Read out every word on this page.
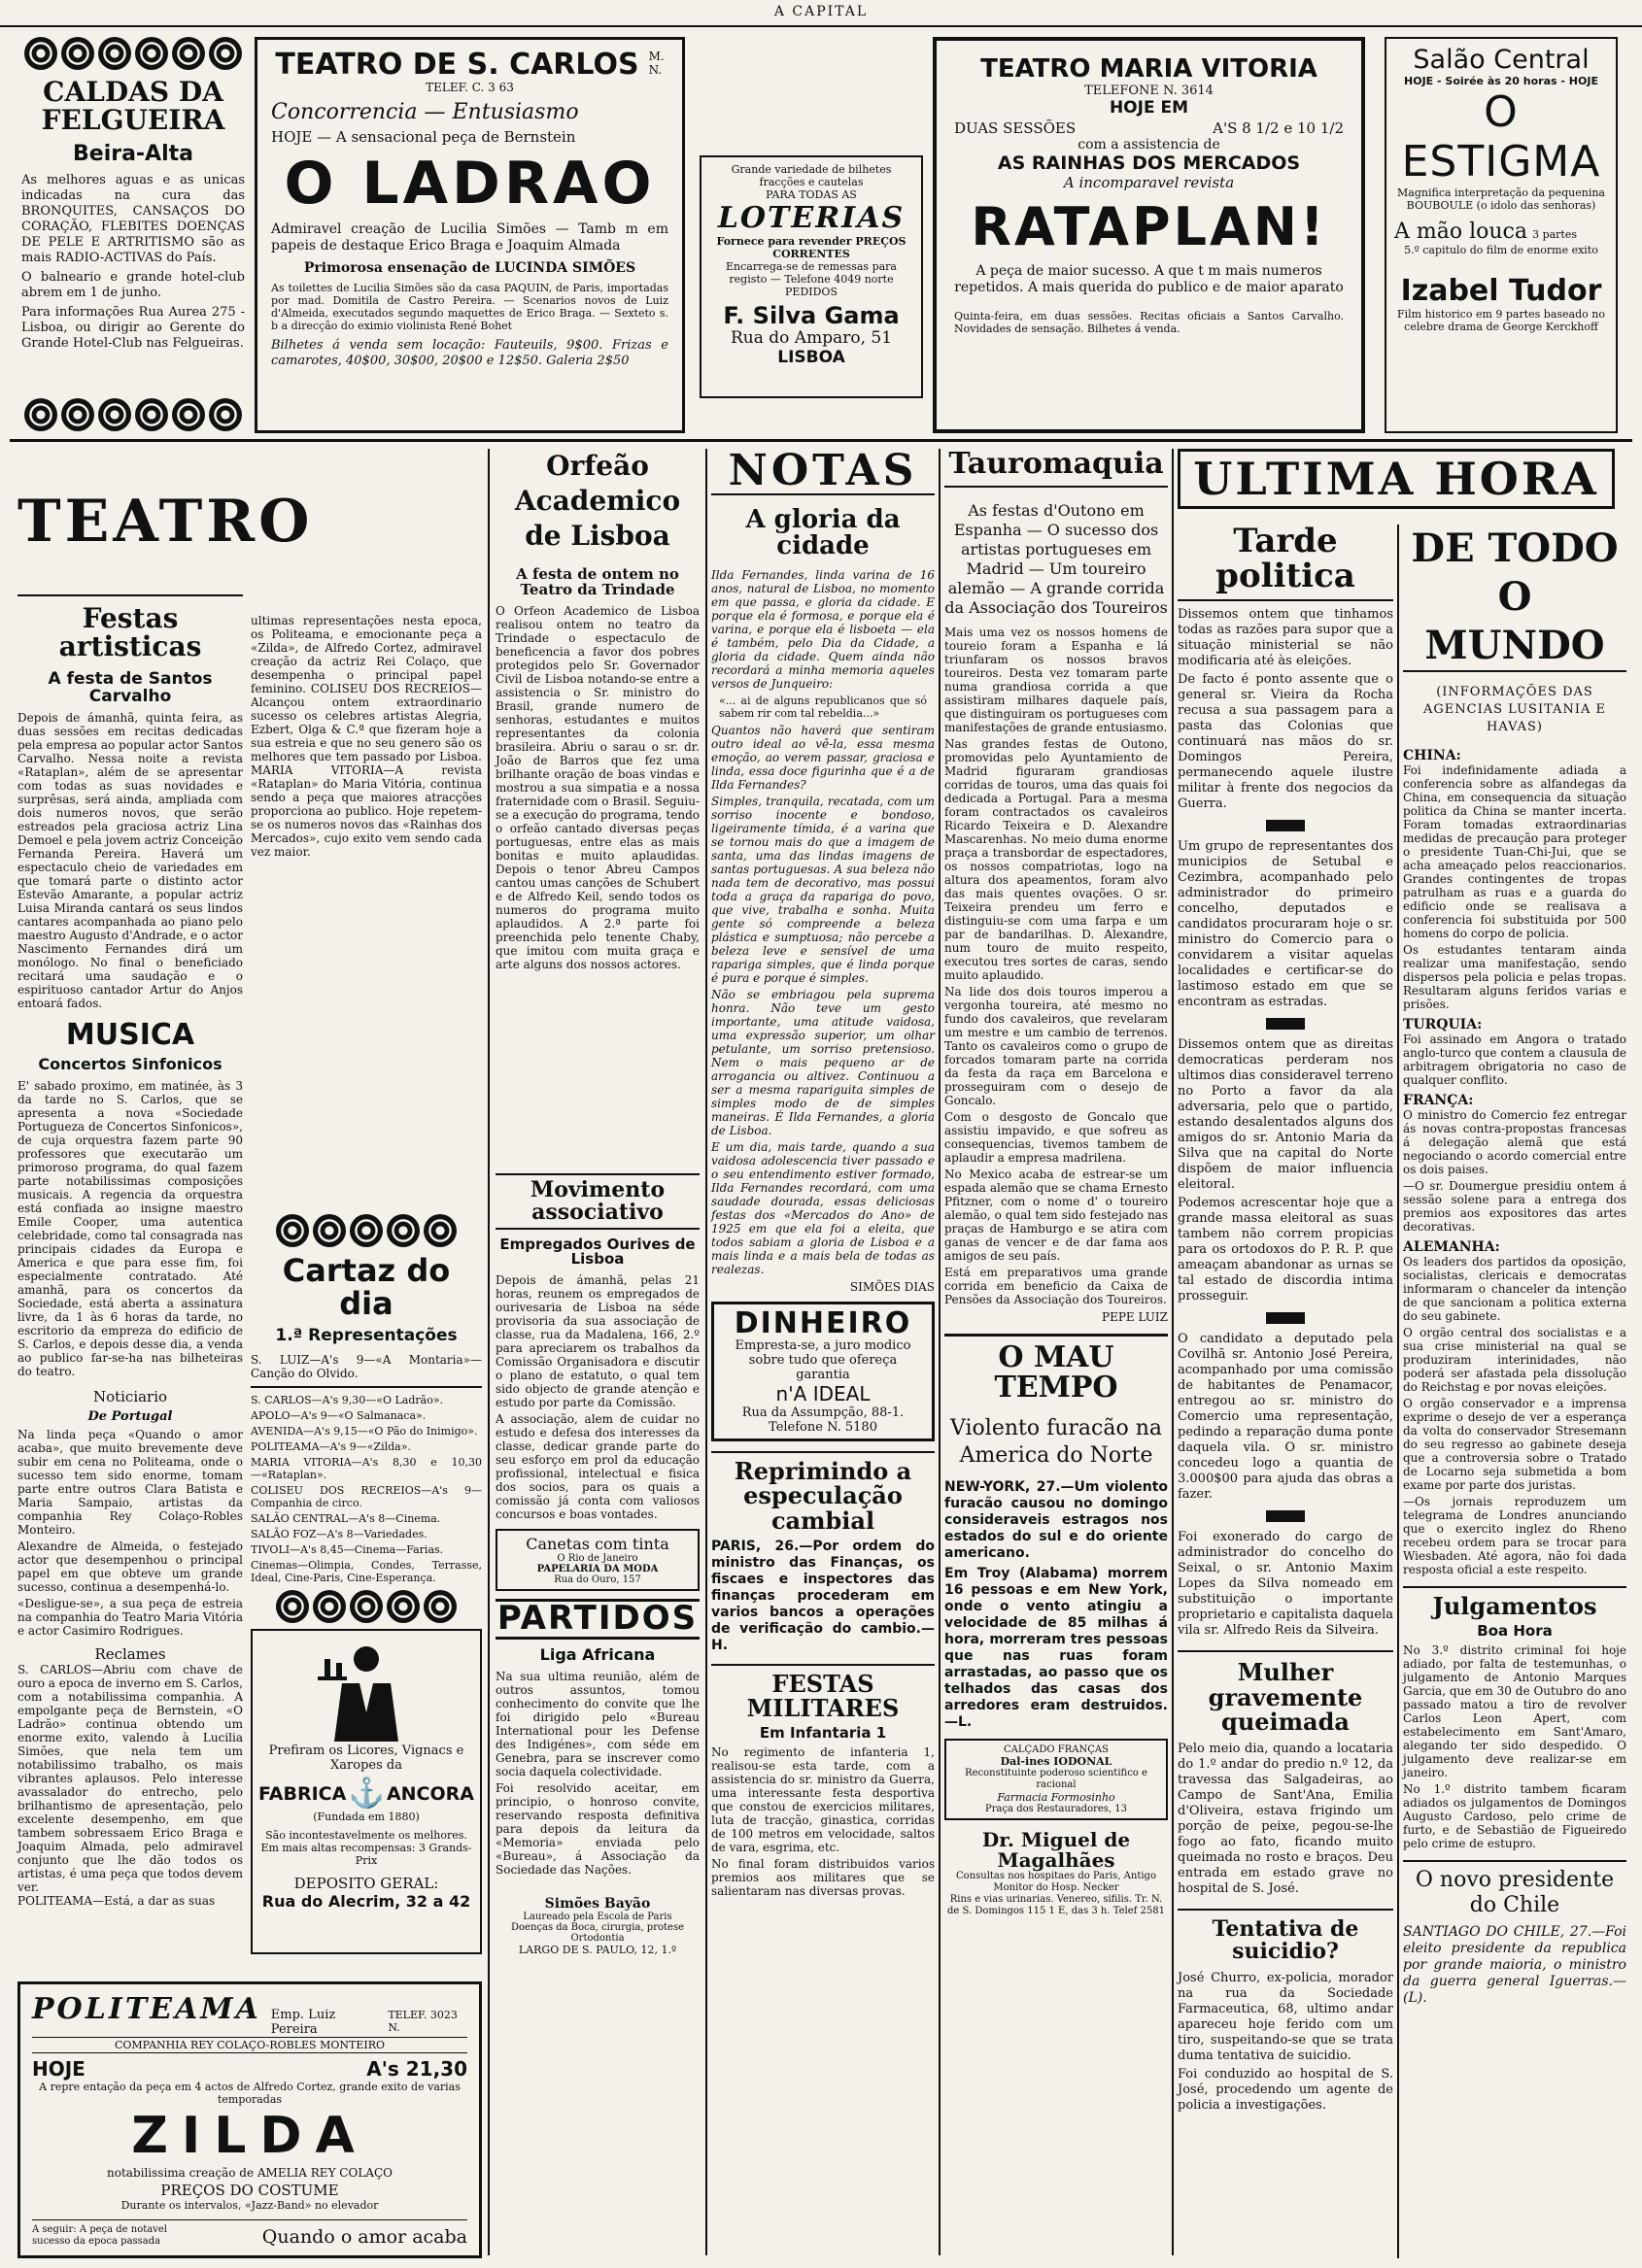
A CAPITAL
CALDAS DA FELGUEIRA
Beira-Alta
As melhores aguas e as unicas indicadas na cura das BRONQUITES, CANSAÇOS DO CORAÇÃO, FLEBITES DOENÇAS DE PELE E ARTRITISMO são as mais RADIO-ACTIVAS do País.
O balneario e grande hotel-club abrem em 1 de junho.
Para informações Rua Aurea 275 - Lisboa, ou dirigir ao Gerente do Grande Hotel-Club nas Felgueiras.
TEATRO DE S. CARLOS M. N.
TELEF. C. 3 63
Concorrencia — Entusiasmo
HOJE — A sensacional peça de Bernstein
O LADRAO
Admiravel creação de Lucilia Simões — Tamb m em papeis de destaque Erico Braga e Joaquim Almada
Primorosa ensenação de LUCINDA SIMÕES
As toilettes de Lucilia Simões são da casa PAQUIN, de Paris, importadas por mad. Domitila de Castro Pereira. — Scenarios novos de Luiz d'Almeida, executados segundo maquettes de Erico Braga. — Sexteto s. b a direcção do eximio violinista René Bohet
Bilhetes á venda sem locação: Fauteuils, 9$00. Frizas e camarotes, 40$00, 30$00, 20$00 e 12$50. Galeria 2$50
Grande variedade de bilhetes fracções e cautelas
PARA TODAS AS
LOTERIAS
Fornece para revender PREÇOS CORRENTES
Encarrega-se de remessas para registo — Telefone 4049 norte PEDIDOS
F. Silva Gama
Rua do Amparo, 51
LISBOA
TEATRO MARIA VITORIA
TELEFONE N. 3614
HOJE EM
DUAS SESSÕES	A'S 8 1/2 e 10 1/2
com a assistencia de
AS RAINHAS DOS MERCADOS
A incomparavel revista
RATAPLAN!
A peça de maior sucesso. A que t m mais numeros repetidos. A mais querida do publico e de maior aparato
Quinta-feira, em duas sessões. Recitas oficiais a Santos Carvalho. Novidades de sensação. Bilhetes á venda.
Salão Central
HOJE - Soirée às 20 horas - HOJE
O ESTIGMA
Magnifica interpretação da pequenina BOUBOULE (o idolo das senhoras)
A mão louca 3 partes
5.º capitulo do film de enorme exito
Izabel Tudor
Film historico em 9 partes baseado no celebre drama de George Kerckhoff
TEATRO
Festas artisticas
A festa de Santos Carvalho
Depois de ámanhã, quinta feira, as duas sessões em recitas dedicadas pela empresa ao popular actor Santos Carvalho. Nessa noite a revista «Rataplan», além de se apresentar com todas as suas novidades e surprêsas, será ainda, ampliada com dois numeros novos, que serão estreados pela graciosa actriz Lina Demoel e pela jovem actriz Conceição Fernanda Pereira. Haverá um espectaculo cheio de variedades em que tomará parte o distinto actor Estevão Amarante, a popular actriz Luisa Miranda cantará os seus lindos cantares acompanhada ao piano pelo maestro Augusto d'Andrade, e o actor Nascimento Fernandes dirá um monólogo. No final o beneficiado recitará uma saudação e o espirituoso cantador Artur do Anjos entoará fados.
MUSICA
Concertos Sinfonicos
E' sabado proximo, em matinée, às 3 da tarde no S. Carlos, que se apresenta a nova «Sociedade Portugueza de Concertos Sinfonicos», de cuja orquestra fazem parte 90 professores que executarão um primoroso programa, do qual fazem parte notabilissimas composições musicais. A regencia da orquestra está confiada ao insigne maestro Emile Cooper, uma autentica celebridade, como tal consagrada nas principais cidades da Europa e America e que para esse fim, foi especialmente contratado. Até amanhã, para os concertos da Sociedade, está aberta a assinatura livre, da 1 às 6 horas da tarde, no escritorio da empreza do edificio de S. Carlos, e depois desse dia, a venda ao publico far-se-ha nas bilheteiras do teatro.
Noticiario
De Portugal
Na linda peça «Quando o amor acaba», que muito brevemente deve subir em cena no Politeama, onde o sucesso tem sido enorme, tomam parte entre outros Clara Batista e Maria Sampaio, artistas da companhia Rey Colaço-Robles Monteiro.
Alexandre de Almeida, o festejado actor que desempenhou o principal papel em que obteve um grande sucesso, continua a desempenhá-lo.
«Desligue-se», a sua peça de estreia na companhia do Teatro Maria Vitória e actor Casimiro Rodrigues.
Reclames
S. CARLOS—Abriu com chave de ouro a epoca de inverno em S. Carlos, com a notabilissima companhia. A empolgante peça de Bernstein, «O Ladrão» continua obtendo um enorme exito, valendo à Lucilia Simões, que nela tem um notabilissimo trabalho, os mais vibrantes aplausos. Pelo interesse avassalador do entrecho, pelo brilhantismo de apresentação, pelo excelente desempenho, em que tambem sobressaem Erico Braga e Joaquim Almada, pelo admiravel conjunto que lhe dão todos os artistas, é uma peça que todos devem ver.
POLITEAMA—Está, a dar as suas
ultimas representações nesta epoca, os Politeama, e emocionante peça a «Zilda», de Alfredo Cortez, admiravel creação da actriz Rei Colaço, que desempenha o principal papel feminino. COLISEU DOS RECREIOS—Alcançou ontem extraordinario sucesso os celebres artistas Alegria, Ezbert, Olga & C.ª que fizeram hoje a sua estreia e que no seu genero são os melhores que tem passado por Lisboa. MARIA VITORIA—A revista «Rataplan» do Maria Vitória, continua sendo a peça que maiores atracções proporciona ao publico. Hoje repetem-se os numeros novos das «Rainhas dos Mercados», cujo exito vem sendo cada vez maior.
Cartaz do dia
1.ª Representações
S. LUIZ—A's 9—«A Montaria»—Canção do Olvido.

S. CARLOS—A's 9,30—«O Ladrão».

APOLO—A's 9—«O Salmanaca».

AVENIDA—A's 9,15—«O Pão do Inimigo».

POLITEAMA—A's 9—«Zilda».

MARIA VITORIA—A's 8,30 e 10,30—«Rataplan».

COLISEU DOS RECREIOS—A's 9—Companhia de circo.

SALÃO CENTRAL—A's 8—Cinema.

SALÃO FOZ—A's 8—Variedades.

TIVOLI—A's 8,45—Cinema—Farias.

Cinemas—Olimpia, Condes, Terrasse, Ideal, Cine-Paris, Cine-Esperança.

Prefiram os Licores, Vignacs e Xaropes da
FABRICA ⚓ ANCORA
(Fundada em 1880)
São incontestavelmente os melhores.
Em mais altas recompensas: 3 Grands-Prix
DEPOSITO GERAL:
Rua do Alecrim, 32 a 42
POLITEAMA Emp. Luiz Pereira
TELEF. 3023 N.
COMPANHIA REY COLAÇO-ROBLES MONTEIRO
HOJE	A's 21,30
A repre entação da peça em 4 actos de Alfredo Cortez, grande exito de varias temporadas
ZILDA
notabilissima creação de AMELIA REY COLAÇO
PREÇOS DO COSTUME
Durante os intervalos, «Jazz-Band» no elevador
A seguir: A peça de notavel sucesso da epoca passada	Quando o amor acaba
Orfeão Academico de Lisboa
A festa de ontem no Teatro da Trindade
O Orfeon Academico de Lisboa realisou ontem no teatro da Trindade o espectaculo de beneficencia a favor dos pobres protegidos pelo Sr. Governador Civil de Lisboa notando-se entre a assistencia o Sr. ministro do Brasil, grande numero de senhoras, estudantes e muitos representantes da colonia brasileira. Abriu o sarau o sr. dr. João de Barros que fez uma brilhante oração de boas vindas e mostrou a sua simpatia e a nossa fraternidade com o Brasil. Seguiu-se a execução do programa, tendo o orfeão cantado diversas peças portuguesas, entre elas as mais bonitas e muito aplaudidas. Depois o tenor Abreu Campos cantou umas canções de Schubert e de Alfredo Keil, sendo todos os numeros do programa muito aplaudidos. A 2.ª parte foi preenchida pelo tenente Chaby, que imitou com muita graça e arte alguns dos nossos actores.
Movimento associativo
Empregados Ourives de Lisboa
Depois de ámanhã, pelas 21 horas, reunem os empregados de ourivesaria de Lisboa na séde provisoria da sua associação de classe, rua da Madalena, 166, 2.º para apreciarem os trabalhos da Comissão Organisadora e discutir o plano de estatuto, o qual tem sido objecto de grande atenção e estudo por parte da Comissão.
A associação, alem de cuidar no estudo e defesa dos interesses da classe, dedicar grande parte do seu esforço em prol da educação profissional, intelectual e fisica dos socios, para os quais a comissão já conta com valiosos concursos e boas vontades.
Canetas com tinta
O Rio de Janeiro
PAPELARIA DA MODA
Rua do Ouro, 157
PARTIDOS
Liga Africana
Na sua ultima reunião, além de outros assuntos, tomou conhecimento do convite que lhe foi dirigido pelo «Bureau International pour les Defense des Indigénes», com séde em Genebra, para se inscrever como socia daquela colectividade.
Foi resolvido aceitar, em principio, o honroso convite, reservando resposta definitiva para depois da leitura da «Memoria» enviada pelo «Bureau», á Associação da Sociedade das Nações.
Simões Bayão
Laureado pela Escola de Paris
Doenças da Boca, cirurgia, protese
Ortodontia
LARGO DE S. PAULO, 12, 1.º
NOTAS
A gloria da cidade
Ilda Fernandes, linda varina de 16 anos, natural de Lisboa, no momento em que passa, e gloria da cidade. E porque ela é formosa, e porque ela é varina, e porque ela é lisboeta — ela é também, pelo Dia da Cidade, a gloria da cidade. Quem ainda não recordará a minha memoria aqueles versos de Junqueiro:
«... ai de alguns republicanos que só sabem rir com tal rebeldia...»
Quantos não haverá que sentiram outro ideal ao vê-la, essa mesma emoção, ao verem passar, graciosa e linda, essa doce figurinha que é a de Ilda Fernandes?
Simples, tranquila, recatada, com um sorriso inocente e bondoso, ligeiramente tímida, é a varina que se tornou mais do que a imagem de santa, uma das lindas imagens de santas portuguesas. A sua beleza não nada tem de decorativo, mas possui toda a graça da rapariga do povo, que vive, trabalha e sonha. Muita gente só compreende a beleza plástica e sumptuosa; não percebe a beleza leve e sensível de uma rapariga simples, que é linda porque é pura e porque é simples.
Não se embriagou pela suprema honra. Não teve um gesto importante, uma atitude vaidosa, uma expressão superior, um olhar petulante, um sorriso pretensioso. Nem o mais pequeno ar de arrogancia ou altivez. Continuou a ser a mesma rapariguita simples de simples modo de de simples maneiras. É Ilda Fernandes, a gloria de Lisboa.
E um dia, mais tarde, quando a sua vaidosa adolescencia tiver passado e o seu entendimento estiver formado, Ilda Fernandes recordará, com uma saudade dourada, essas deliciosas festas dos «Mercados do Ano» de 1925 em que ela foi a eleita, que todos sabiam a gloria de Lisboa e a mais linda e a mais bela de todas as realezas.
SIMÕES DIAS
DINHEIRO
Empresta-se, a juro modico sobre tudo que ofereça garantia
n'A IDEAL
Rua da Assumpção, 88-1.
Telefone N. 5180
Reprimindo a especulação cambial
PARIS, 26.—Por ordem do ministro das Finanças, os fiscaes e inspectores das finanças procederam em varios bancos a operações de verificação do cambio.—H.
FESTAS MILITARES
Em Infantaria 1
No regimento de infanteria 1, realisou-se esta tarde, com a assistencia do sr. ministro da Guerra, uma interessante festa desportiva que constou de exercicios militares, luta de tracção, ginastica, corridas de 100 metros em velocidade, saltos de vara, esgrima, etc.
No final foram distribuidos varios premios aos militares que se salientaram nas diversas provas.
Tauromaquia
As festas d'Outono em Espanha — O sucesso dos artistas portugueses em Madrid — Um toureiro alemão — A grande corrida da Associação dos Toureiros
Mais uma vez os nossos homens de toureio foram a Espanha e lá triunfaram os nossos bravos toureiros. Desta vez tomaram parte numa grandiosa corrida a que assistiram milhares daquele país, que distinguiram os portugueses com manifestações de grande entusiasmo.
Nas grandes festas de Outono, promovidas pelo Ayuntamiento de Madrid figuraram grandiosas corridas de touros, uma das quais foi dedicada a Portugal. Para a mesma foram contractados os cavaleiros Ricardo Teixeira e D. Alexandre Mascarenhas. No meio duma enorme praça a transbordar de espectadores, os nossos compatriotas, logo na altura dos apeamentos, foram alvo das mais quentes ovações. O sr. Teixeira prendeu um ferro e distinguiu-se com uma farpa e um par de bandarilhas. D. Alexandre, num touro de muito respeito, executou tres sortes de caras, sendo muito aplaudido.
Na lide dos dois touros imperou a vergonha toureira, até mesmo no fundo dos cavaleiros, que revelaram um mestre e um cambio de terrenos. Tanto os cavaleiros como o grupo de forcados tomaram parte na corrida da festa da raça em Barcelona e prosseguiram com o desejo de Goncalo.
Com o desgosto de Goncalo que assistiu impavido, e que sofreu as consequencias, tivemos tambem de aplaudir a empresa madrilena.
No Mexico acaba de estrear-se um espada alemão que se chama Ernesto Pfitzner, com o nome d' o toureiro alemão, o qual tem sido festejado nas praças de Hamburgo e se atira com ganas de vencer e de dar fama aos amigos de seu país.
Está em preparativos uma grande corrida em beneficio da Caixa de Pensões da Associação dos Toureiros.
PEPE LUIZ
O MAU TEMPO
Violento furacão na America do Norte
NEW-YORK, 27.—Um violento furacão causou no domingo consideraveis estragos nos estados do sul e do oriente americano.
Em Troy (Alabama) morrem 16 pessoas e em New York, onde o vento atingiu a velocidade de 85 milhas á hora, morreram tres pessoas que nas ruas foram arrastadas, ao passo que os telhados das casas dos arredores eram destruidos.—L.
CALÇADO FRANÇAS
Dal-ines IODONAL
Reconstituinte poderoso scientifico e racional
Farmacia Formosinho
Praça dos Restauradores, 13
Dr. Miguel de Magalhães
Consultas nos hospitaes do Paris, Antigo Monitor do Hosp. Necker
Rins e vias urinarias. Venereo, sifilis. Tr. N. de S. Domingos 115 1 E, das 3 h. Telef 2581
ULTIMA HORA
Tarde politica
Dissemos ontem que tinhamos todas as razões para supor que a situação ministerial se não modificaria até às eleições.
De facto é ponto assente que o general sr. Vieira da Rocha recusa a sua passagem para a pasta das Colonias que continuará nas mãos do sr. Domingos Pereira, permanecendo aquele ilustre militar à frente dos negocios da Guerra.
Um grupo de representantes dos municipios de Setubal e Cezimbra, acompanhado pelo administrador do primeiro concelho, deputados e candidatos procuraram hoje o sr. ministro do Comercio para o convidarem a visitar aquelas localidades e certificar-se do lastimoso estado em que se encontram as estradas.
Dissemos ontem que as direitas democraticas perderam nos ultimos dias consideravel terreno no Porto a favor da ala adversaria, pelo que o partido, estando desalentados alguns dos amigos do sr. Antonio Maria da Silva que na capital do Norte dispõem de maior influencia eleitoral.
Podemos acrescentar hoje que a grande massa eleitoral as suas tambem não correm propicias para os ortodoxos do P. R. P. que ameaçam abandonar as urnas se tal estado de discordia intima prosseguir.
O candidato a deputado pela Covilhã sr. Antonio José Pereira, acompanhado por uma comissão de habitantes de Penamacor, entregou ao sr. ministro do Comercio uma representação, pedindo a reparação duma ponte daquela vila. O sr. ministro concedeu logo a quantia de 3.000$00 para ajuda das obras a fazer.
Foi exonerado do cargo de administrador do concelho do Seixal, o sr. Antonio Maxim Lopes da Silva nomeado em substituição o importante proprietario e capitalista daquela vila sr. Alfredo Reis da Silveira.
Mulher gravemente queimada
Pelo meio dia, quando a locataria do 1.º andar do predio n.º 12, da travessa das Salgadeiras, ao Campo de Sant'Ana, Emilia d'Oliveira, estava frigindo um porção de peixe, pegou-se-lhe fogo ao fato, ficando muito queimada no rosto e braços. Deu entrada em estado grave no hospital de S. José.
Tentativa de suicidio?
José Churro, ex-policia, morador na rua da Sociedade Farmaceutica, 68, ultimo andar apareceu hoje ferido com um tiro, suspeitando-se que se trata duma tentativa de suicidio.
Foi conduzido ao hospital de S. José, procedendo um agente de policia a investigações.
DE TODO O MUNDO
(INFORMAÇÕES DAS AGENCIAS LUSITANIA E HAVAS)
CHINA:
Foi indefinidamente adiada a conferencia sobre as alfandegas da China, em consequencia da situação politica da China se manter incerta. Foram tomadas extraordinarias medidas de precaução para proteger o presidente Tuan-Chi-Jui, que se acha ameaçado pelos reaccionarios. Grandes contingentes de tropas patrulham as ruas e a guarda do edificio onde se realisava a conferencia foi substituida por 500 homens do corpo de policia.
Os estudantes tentaram ainda realizar uma manifestação, sendo dispersos pela policia e pelas tropas. Resultaram alguns feridos varias e prisões.
TURQUIA:
Foi assinado em Angora o tratado anglo-turco que contem a clausula de arbitragem obrigatoria no caso de qualquer conflito.
FRANÇA:
O ministro do Comercio fez entregar ás novas contra-propostas francesas á delegação alemã que está negociando o acordo comercial entre os dois paises.
—O sr. Doumergue presidiu ontem á sessão solene para a entrega dos premios aos expositores das artes decorativas.
ALEMANHA:
Os leaders dos partidos da oposição, socialistas, clericais e democratas informaram o chanceler da intenção de que sancionam a politica externa do seu gabinete.
O orgão central dos socialistas e a sua crise ministerial na qual se produziram interinidades, não poderá ser afastada pela dissolução do Reichstag e por novas eleições.
O orgão conservador e a imprensa exprime o desejo de ver a esperança da volta do conservador Stresemann do seu regresso ao gabinete deseja que a controversia sobre o Tratado de Locarno seja submetida a bom exame por parte dos juristas.
—Os jornais reproduzem um telegrama de Londres anunciando que o exercito inglez do Rheno recebeu ordem para se trocar para Wiesbaden. Até agora, não foi dada resposta oficial a este respeito.
Julgamentos
Boa Hora
No 3.º distrito criminal foi hoje adiado, por falta de testemunhas, o julgamento de Antonio Marques Garcia, que em 30 de Outubro do ano passado matou a tiro de revolver Carlos Leon Apert, com estabelecimento em Sant'Amaro, alegando ter sido despedido. O julgamento deve realizar-se em janeiro.
No 1.º distrito tambem ficaram adiados os julgamentos de Domingos Augusto Cardoso, pelo crime de furto, e de Sebastião de Figueiredo pelo crime de estupro.
O novo presidente do Chile
SANTIAGO DO CHILE, 27.—Foi eleito presidente da republica por grande maioria, o ministro da guerra general Iguerras.—(L).
